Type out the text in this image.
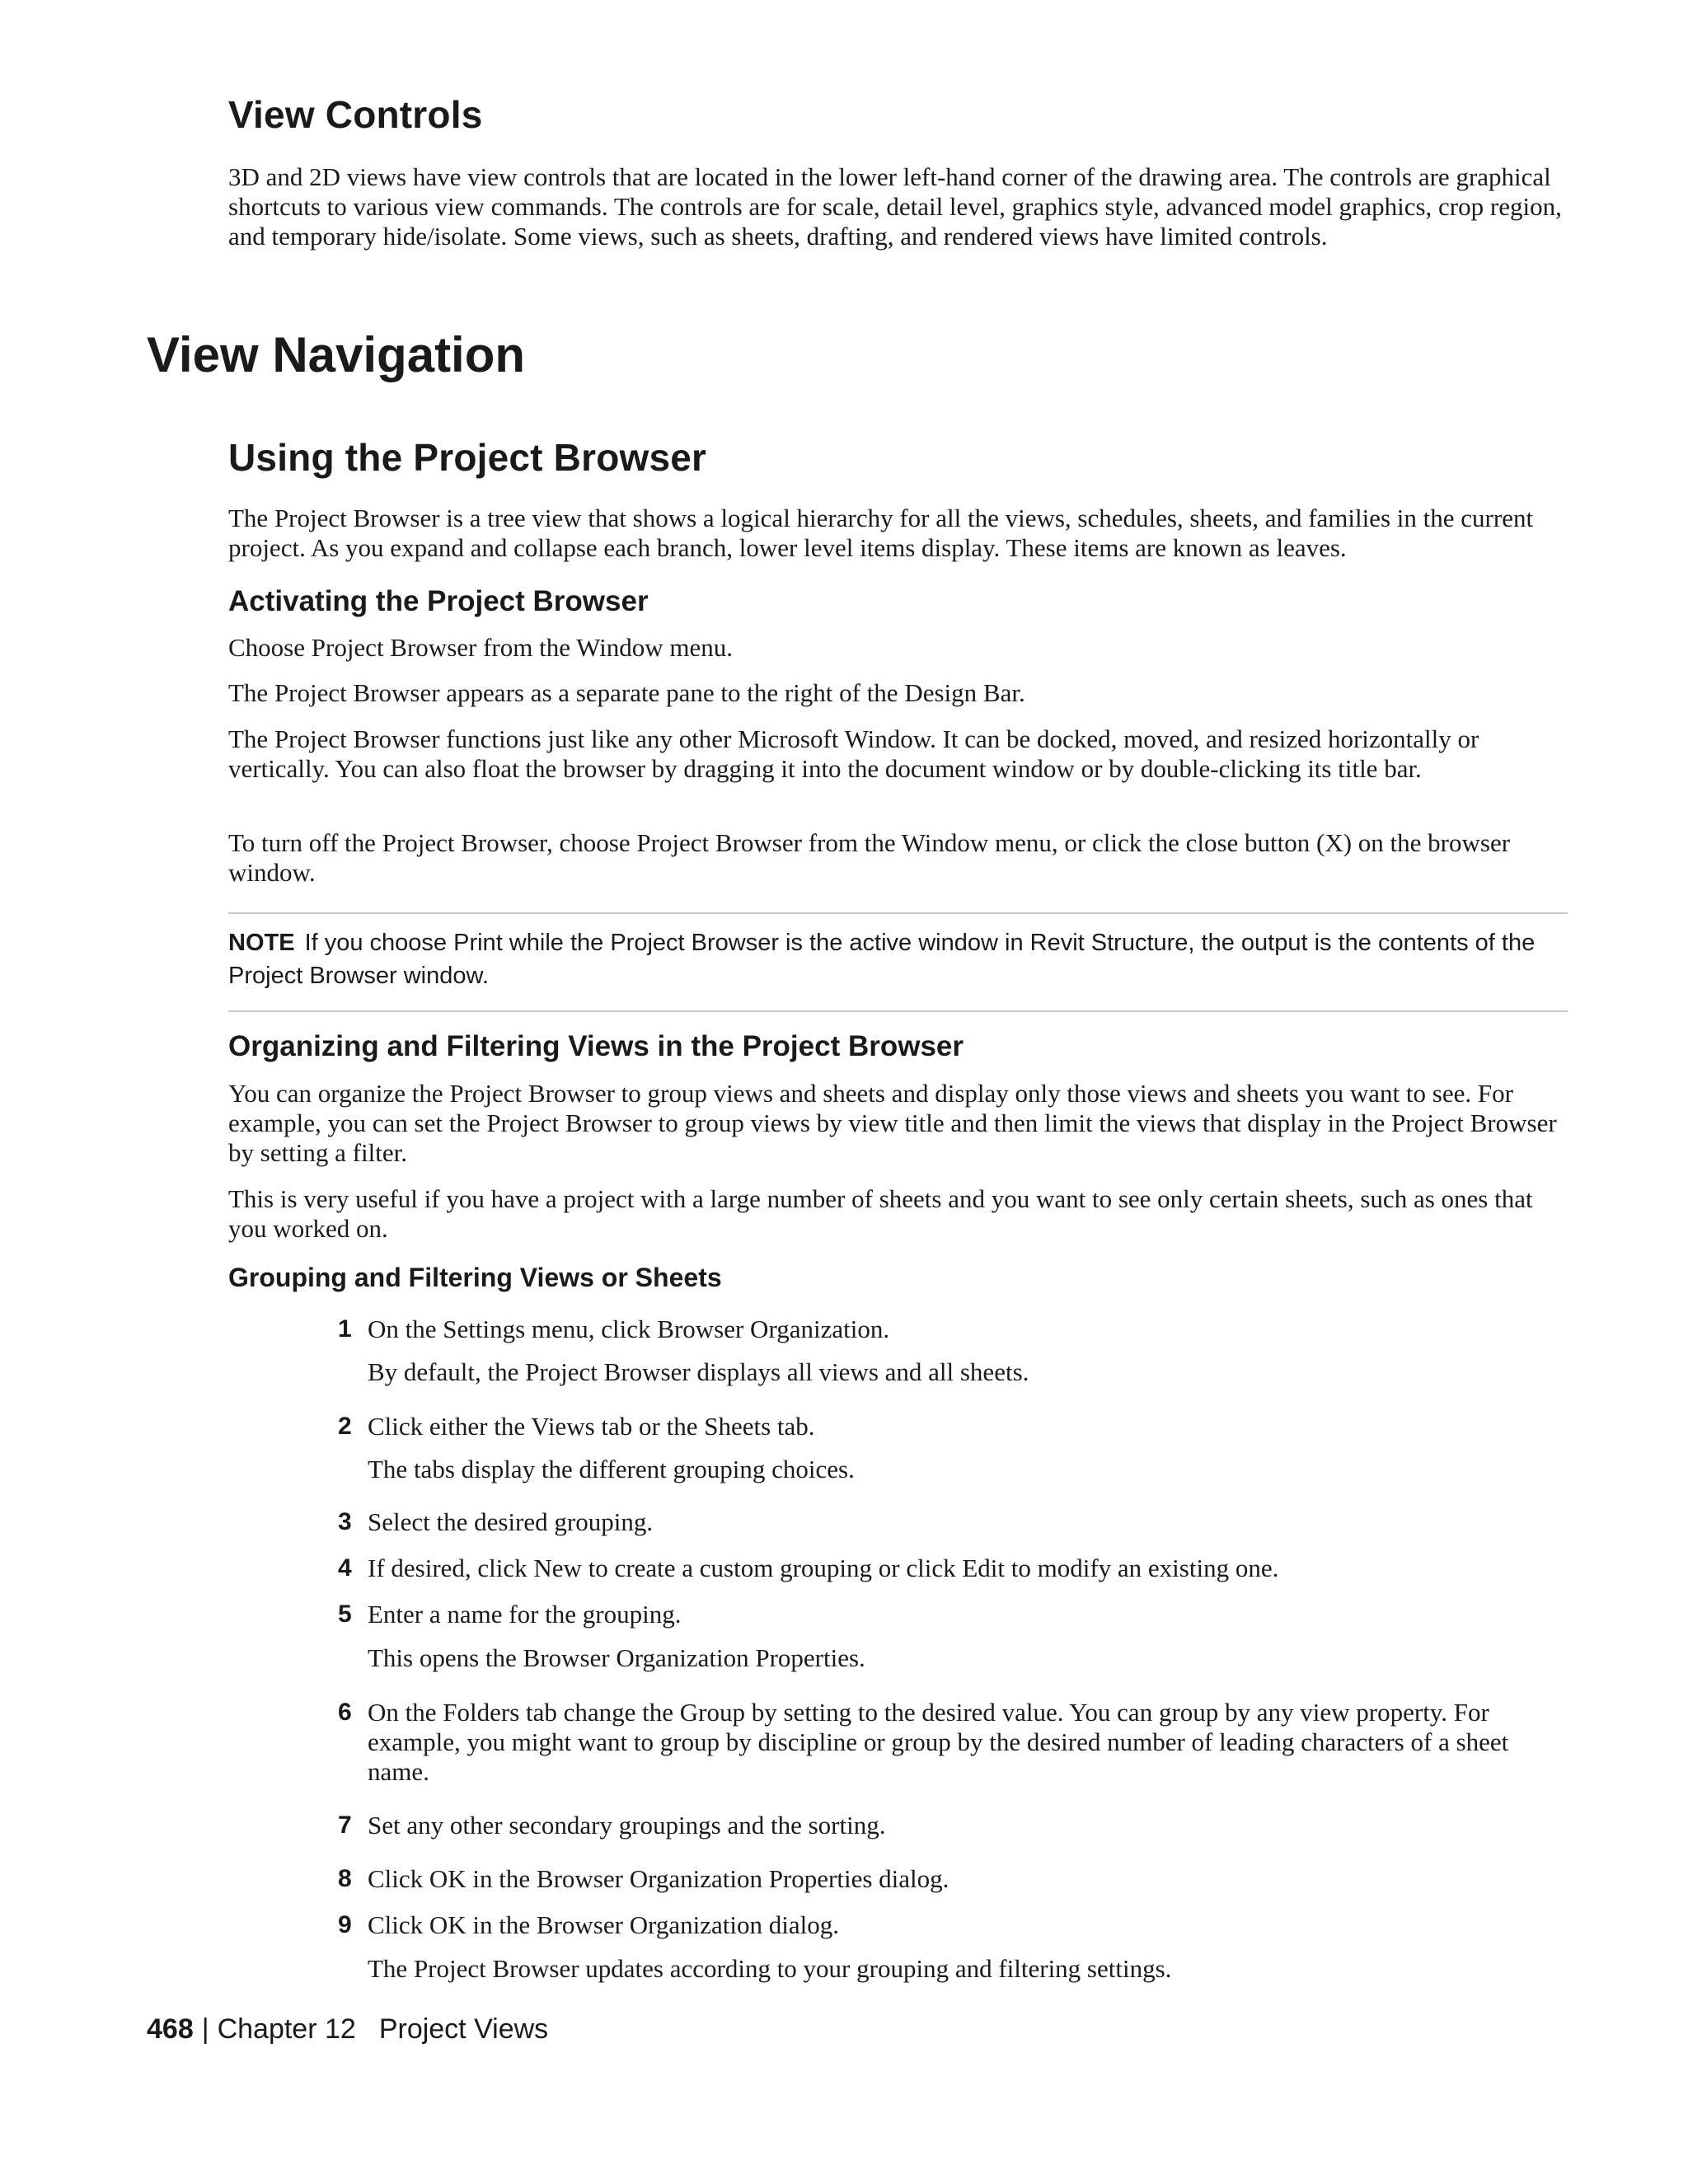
View Controls

3D and 2D views have view controls that are located in the lower left-hand corner of the drawing area. The controls are graphical shortcuts to various view commands. The controls are for scale, detail level, graphics style, advanced model graphics, crop region, and temporary hide/isolate. Some views, such as sheets, drafting, and rendered views have limited controls.

View Navigation
Using the Project Browser

The Project Browser is a tree view that shows a logical hierarchy for all the views, schedules, sheets, and families in the current project. As you expand and collapse each branch, lower level items display. These items are known as leaves.

Activating the Project Browser

Choose Project Browser from the Window menu.

The Project Browser appears as a separate pane to the right of the Design Bar.

The Project Browser functions just like any other Microsoft Window. It can be docked, moved, and resized horizontally or vertically. You can also float the browser by dragging it into the document window or by double-clicking its title bar.

To turn off the Project Browser, choose Project Browser from the Window menu, or click the close button (X) on the browser window.

NOTE If you choose Print while the Project Browser is the active window in Revit Structure, the output is the contents of the Project Browser window.
Organizing and Filtering Views in the Project Browser

You can organize the Project Browser to group views and sheets and display only those views and sheets you want to see. For example, you can set the Project Browser to group views by view title and then limit the views that display in the Project Browser by setting a filter.

This is very useful if you have a project with a large number of sheets and you want to see only certain sheets, such as ones that you worked on.

Grouping and Filtering Views or Sheets
1 On the Settings menu, click Browser Organization.
By default, the Project Browser displays all views and all sheets.
2 Click either the Views tab or the Sheets tab.
The tabs display the different grouping choices.
3 Select the desired grouping.
4 If desired, click New to create a custom grouping or click Edit to modify an existing one.
5 Enter a name for the grouping.
This opens the Browser Organization Properties.
6 On the Folders tab change the Group by setting to the desired value. You can group by any view property. For example, you might want to group by discipline or group by the desired number of leading characters of a sheet name.
7 Set any other secondary groupings and the sorting.
8 Click OK in the Browser Organization Properties dialog.
9 Click OK in the Browser Organization dialog.
The Project Browser updates according to your grouping and filtering settings.
468 | Chapter 12 Project Views
